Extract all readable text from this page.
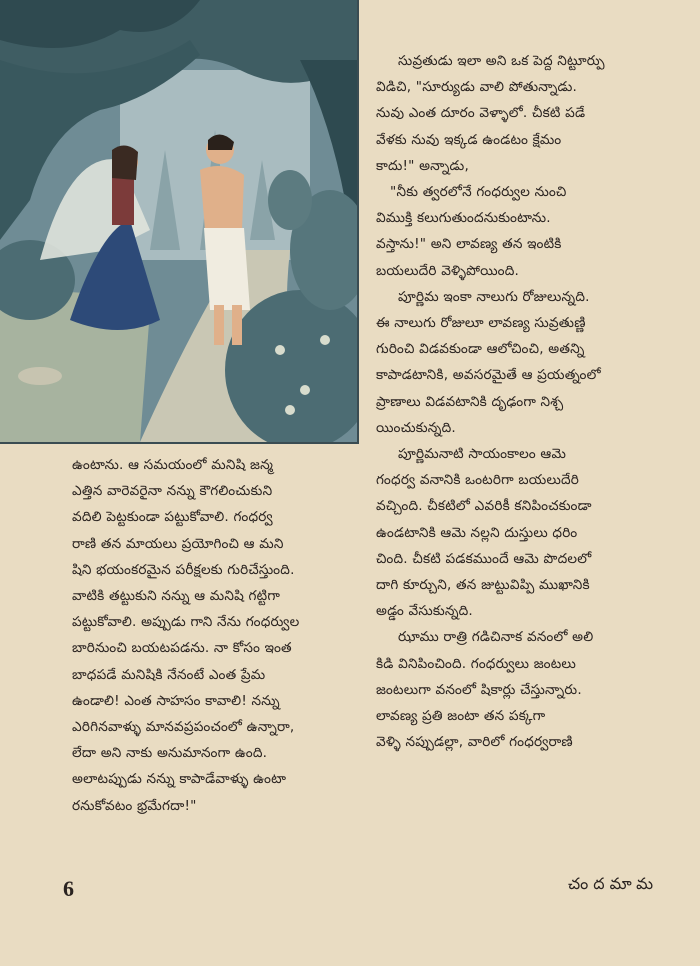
ఉంటాను. ఆ సమయంలో మనిషి జన్మ
ఎత్తిన వారెవరైనా నన్ను కౌగలించుకుని
వదిలి పెట్టకుండా పట్టుకోవాలి. గంధర్వ
రాణి తన మాయలు ప్రయోగించి ఆ మని
షిని భయంకరమైన పరీక్షలకు గురిచేస్తుంది.
వాటికి తట్టుకుని నన్ను ఆ మనిషి గట్టిగా
పట్టుకోవాలి. అప్పుడు గాని నేను గంధర్వుల
బారినుంచి బయటపడను. నా కోసం ఇంత
బాధపడే మనిషికి నేనంటే ఎంత ప్రేమ
ఉండాలి! ఎంత సాహసం కావాలి! నన్ను
ఎరిగినవాళ్ళు మానవప్రపంచంలో ఉన్నారా,
లేదా అని నాకు అనుమానంగా ఉంది.
అలాటప్పుడు నన్ను కాపాడేవాళ్ళు ఉంటా
రనుకోవటం భ్రమేగదా!"

సువ్రతుడు ఇలా అని ఒక పెద్ద నిట్టూర్పు
విడిచి, "సూర్యుడు వాలి పోతున్నాడు.
నువు ఎంత దూరం వెళ్ళాలో. చీకటి పడే
వేళకు నువు ఇక్కడ ఉండటం క్షేమం
కాదు!" అన్నాడు,

"నీకు త్వరలోనే గంధర్వుల నుంచి
విముక్తి కలుగుతుందనుకుంటాను.
వస్తాను!" అని లావణ్య తన ఇంటికి
బయలుదేరి వెళ్ళిపోయింది.

పూర్ణిమ ఇంకా నాలుగు రోజులున్నది.
ఈ నాలుగు రోజులూ లావణ్య సువ్రతుణ్ణి
గురించి విడవకుండా ఆలోచించి, అతన్ని
కాపాడటానికి, అవసరమైతే ఆ ప్రయత్నంలో
ప్రాణాలు విడవటానికి దృఢంగా నిశ్చ
యించుకున్నది.

పూర్ణిమనాటి సాయంకాలం ఆమె
గంధర్వ వనానికి ఒంటరిగా బయలుదేరి
వచ్చింది. చీకటిలో ఎవరికీ కనిపించకుండా
ఉండటానికి ఆమె నల్లని దుస్తులు ధరిం
చింది. చీకటి పడకముందే ఆమె పొదలలో
దాగి కూర్చుని, తన జుట్టువిప్పి ముఖానికి
అడ్డం వేసుకున్నది.

ఝాము రాత్రి గడిచినాక వనంలో అలి
కిడి వినిపించింది. గంధర్వులు జంటలు
జంటలుగా వనంలో షికార్లు చేస్తున్నారు.
లావణ్య ప్రతి జంటా తన పక్కగా
వెళ్ళి నప్పుడల్లా, వారిలో గంధర్వరాణి

6	చందమామ
